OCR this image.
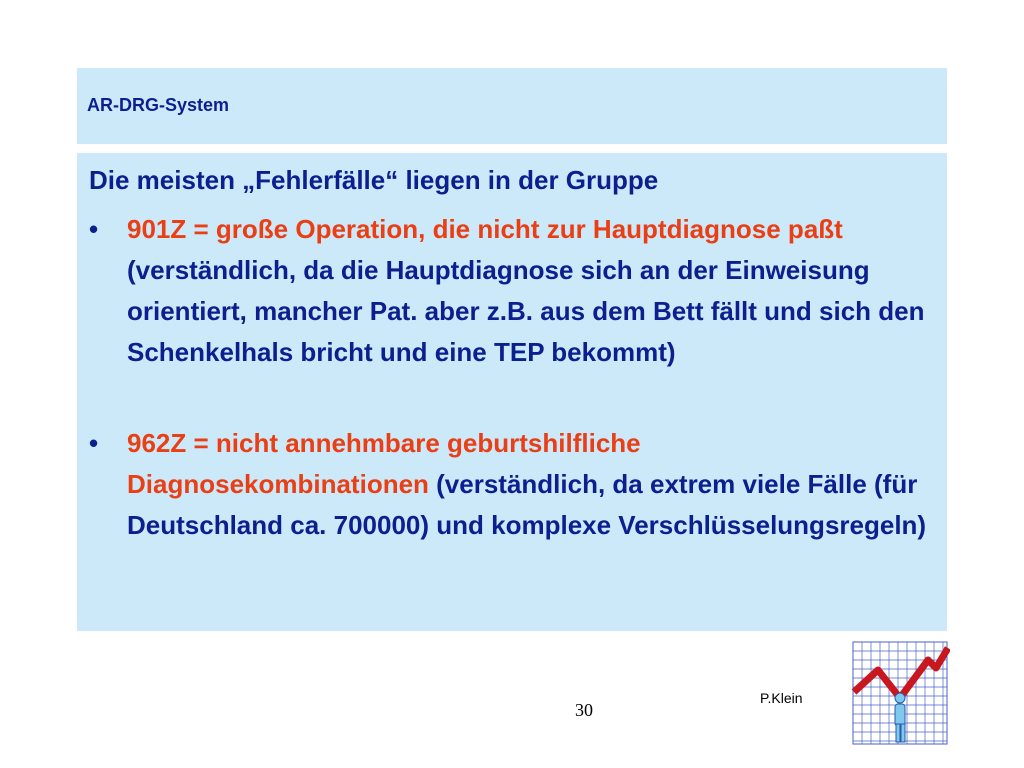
AR-DRG-System
Die meisten „Fehlerfälle“ liegen in der Gruppe
• 901Z = große Operation, die nicht zur Hauptdiagnose paßt (verständlich, da die Hauptdiagnose sich an der Einweisung orientiert, mancher Pat. aber z.B. aus dem Bett fällt und sich den Schenkelhals bricht und eine TEP bekommt)
• 962Z = nicht annehmbare geburtshilfliche Diagnosekombinationen (verständlich, da extrem viele Fälle (für Deutschland ca. 700000) und komplexe Verschlüsselungsregeln)
30
P.Klein
